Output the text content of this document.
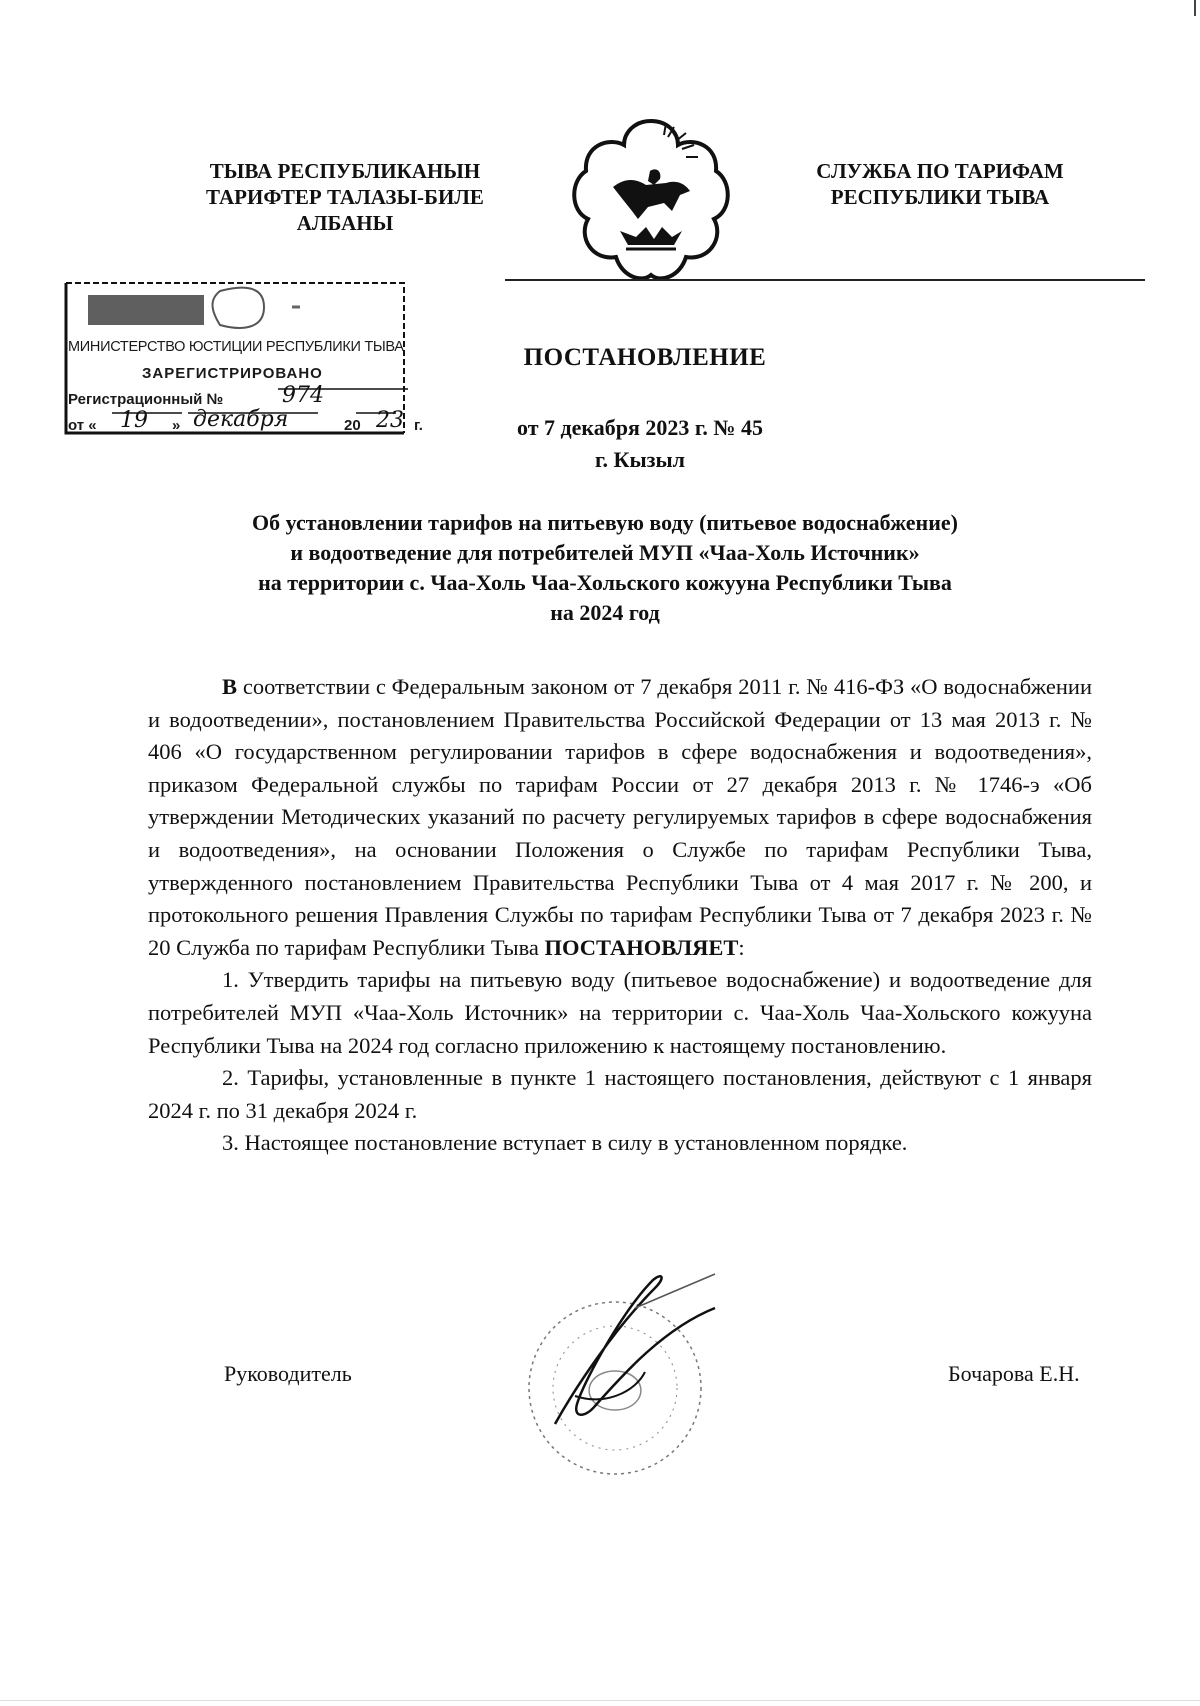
ТЫВА РЕСПУБЛИКАНЫН
ТАРИФТЕР ТАЛАЗЫ-БИЛЕ
АЛБАНЫ
СЛУЖБА ПО ТАРИФАМ
РЕСПУБЛИКИ ТЫВА
МИНИСТЕРСТВО ЮСТИЦИИ РЕСПУБЛИКИ ТЫВА
ЗАРЕГИСТРИРОВАНО
Регистрационный №	974
от « 19 » декабря	20 23 г.
ПОСТАНОВЛЕНИЕ
от 7 декабря 2023 г. № 45
г. Кызыл
Об установлении тарифов на питьевую воду (питьевое водоснабжение)
и водоотведение для потребителей МУП «Чаа-Холь Источник»
на территории с. Чаа-Холь Чаа-Хольского кожууна Республики Тыва
на 2024 год

В соответствии с Федеральным законом от 7 декабря 2011 г. № 416-ФЗ «О водоснабжении и водоотведении», постановлением Правительства Российской Федерации от 13 мая 2013 г. № 406 «О государственном регулировании тарифов в сфере водоснабжения и водоотведения», приказом Федеральной службы по тарифам России от 27 декабря 2013 г. № 1746-э «Об утверждении Методических указаний по расчету регулируемых тарифов в сфере водоснабжения и водоотведения», на основании Положения о Службе по тарифам Республики Тыва, утвержденного постановлением Правительства Республики Тыва от 4 мая 2017 г. № 200, и протокольного решения Правления Службы по тарифам Республики Тыва от 7 декабря 2023 г. № 20 Служба по тарифам Республики Тыва ПОСТАНОВЛЯЕТ:

1. Утвердить тарифы на питьевую воду (питьевое водоснабжение) и водоотведение для потребителей МУП «Чаа-Холь Источник» на территории с. Чаа-Холь Чаа-Хольского кожууна Республики Тыва на 2024 год согласно приложению к настоящему постановлению.

2. Тарифы, установленные в пункте 1 настоящего постановления, действуют с 1 января 2024 г. по 31 декабря 2024 г.

3. Настоящее постановление вступает в силу в установленном порядке.

Руководитель	Бочарова Е.Н.
